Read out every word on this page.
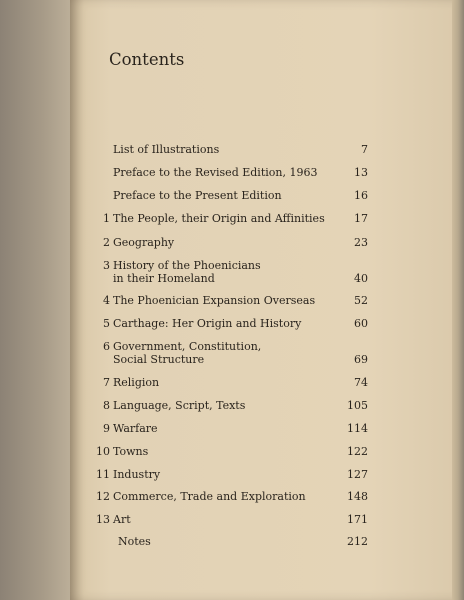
Contents
List of Illustrations	7
Preface to the Revised Edition, 1963	13
Preface to the Present Edition	16
1 The People, their Origin and Affinities	17
2 Geography	23
3 History of the Phoenicians
in their Homeland	40
4 The Phoenician Expansion Overseas	52
5 Carthage: Her Origin and History	60
6 Government, Constitution,
Social Structure	69
7 Religion	74
8 Language, Script, Texts	105
9 Warfare	114
10 Towns	122
11 Industry	127
12 Commerce, Trade and Exploration	148
13 Art	171
Notes	212
